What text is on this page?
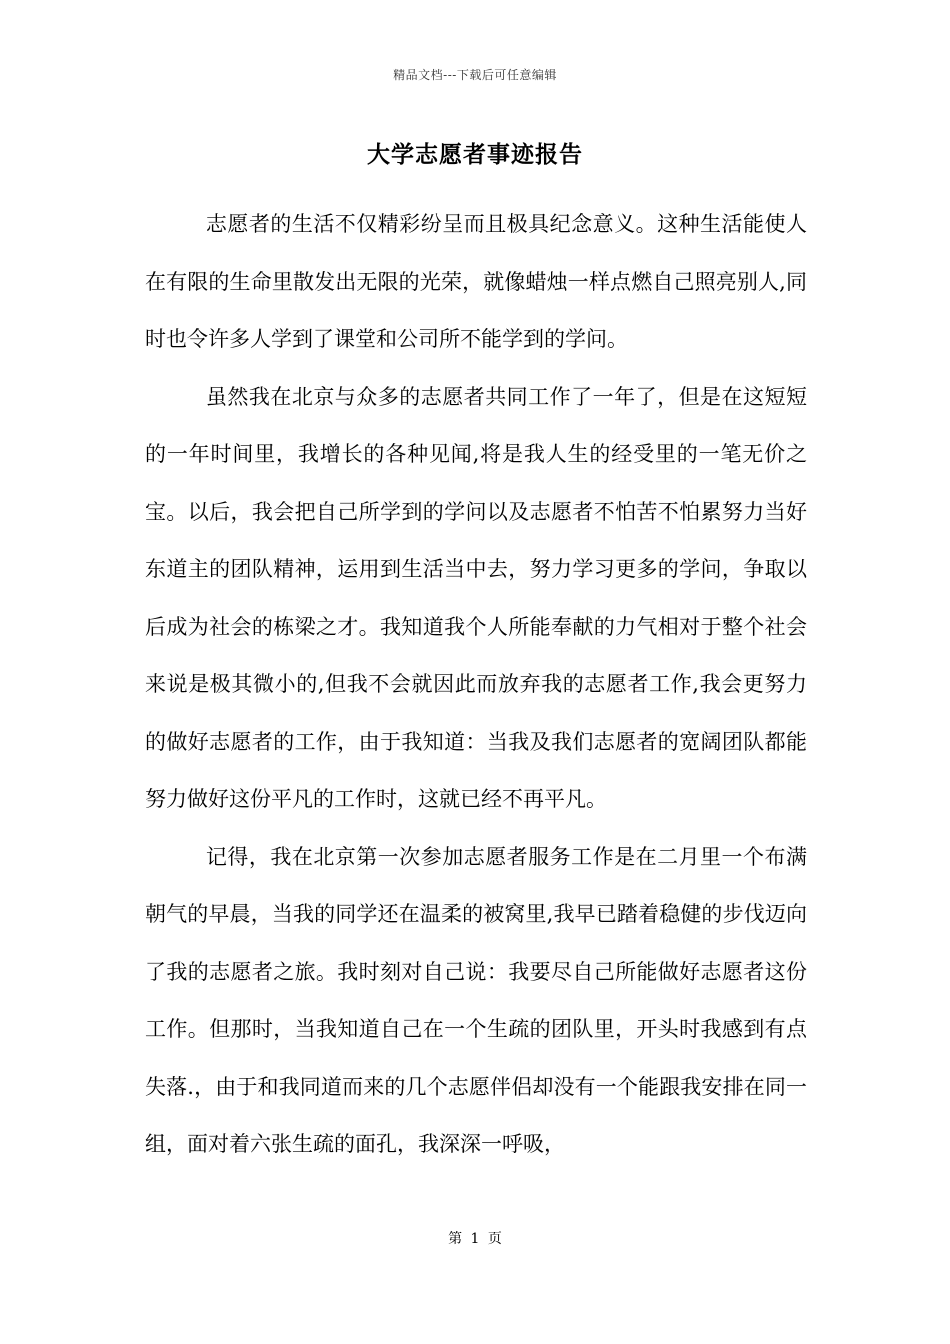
精品文档---下载后可任意编辑
大学志愿者事迹报告

志愿者的生活不仅精彩纷呈而且极具纪念意义。这种生活能使人在有限的生命里散发出无限的光荣，就像蜡烛一样点燃自己照亮别人,同时也令许多人学到了课堂和公司所不能学到的学问。

虽然我在北京与众多的志愿者共同工作了一年了，但是在这短短的一年时间里，我增长的各种见闻,将是我人生的经受里的一笔无价之宝。以后，我会把自己所学到的学问以及志愿者不怕苦不怕累努力当好东道主的团队精神，运用到生活当中去，努力学习更多的学问，争取以后成为社会的栋梁之才。我知道我个人所能奉献的力气相对于整个社会来说是极其微小的,但我不会就因此而放弃我的志愿者工作,我会更努力的做好志愿者的工作，由于我知道：当我及我们志愿者的宽阔团队都能努力做好这份平凡的工作时，这就已经不再平凡。

记得，我在北京第一次参加志愿者服务工作是在二月里一个布满朝气的早晨，当我的同学还在温柔的被窝里,我早已踏着稳健的步伐迈向了我的志愿者之旅。我时刻对自己说：我要尽自己所能做好志愿者这份工作。但那时，当我知道自己在一个生疏的团队里，开头时我感到有点失落.，由于和我同道而来的几个志愿伴侣却没有一个能跟我安排在同一组，面对着六张生疏的面孔，我深深一呼吸，

第 1 页
